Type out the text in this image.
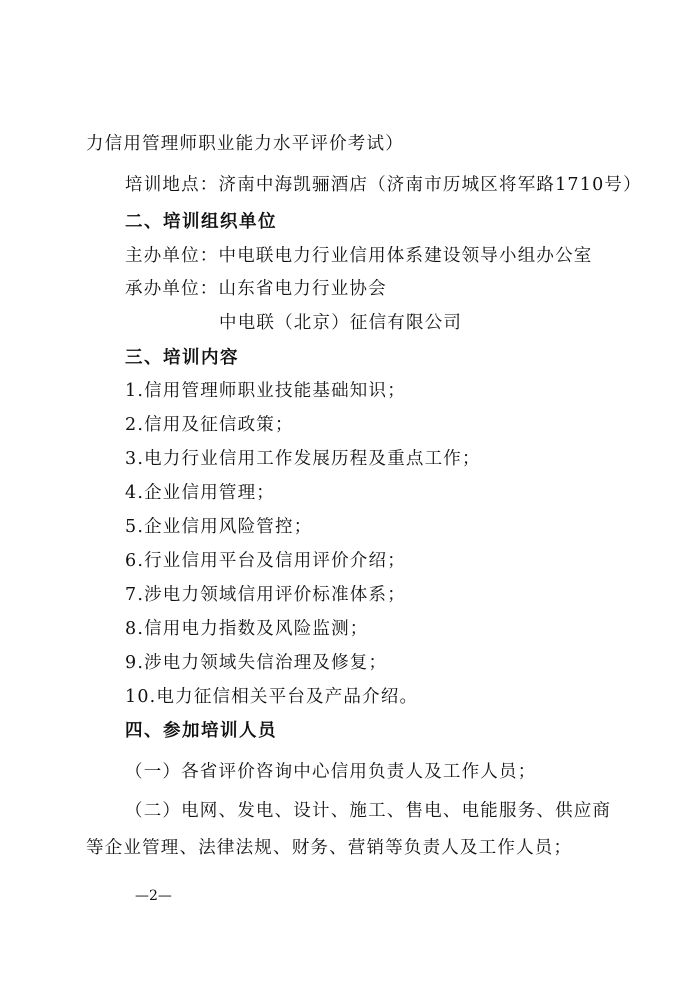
力信用管理师职业能力水平评价考试）
培训地点：济南中海凯骊酒店（济南市历城区将军路1710号）
二、培训组织单位
主办单位：中电联电力行业信用体系建设领导小组办公室
承办单位：山东省电力行业协会
中电联（北京）征信有限公司
三、培训内容
1.信用管理师职业技能基础知识；
2.信用及征信政策；
3.电力行业信用工作发展历程及重点工作；
4.企业信用管理；
5.企业信用风险管控；
6.行业信用平台及信用评价介绍；
7.涉电力领域信用评价标准体系；
8.信用电力指数及风险监测；
9.涉电力领域失信治理及修复；
10.电力征信相关平台及产品介绍。
四、参加培训人员
（一）各省评价咨询中心信用负责人及工作人员；
（二）电网、发电、设计、施工、售电、电能服务、供应商
等企业管理、法律法规、财务、营销等负责人及工作人员；
—2—
